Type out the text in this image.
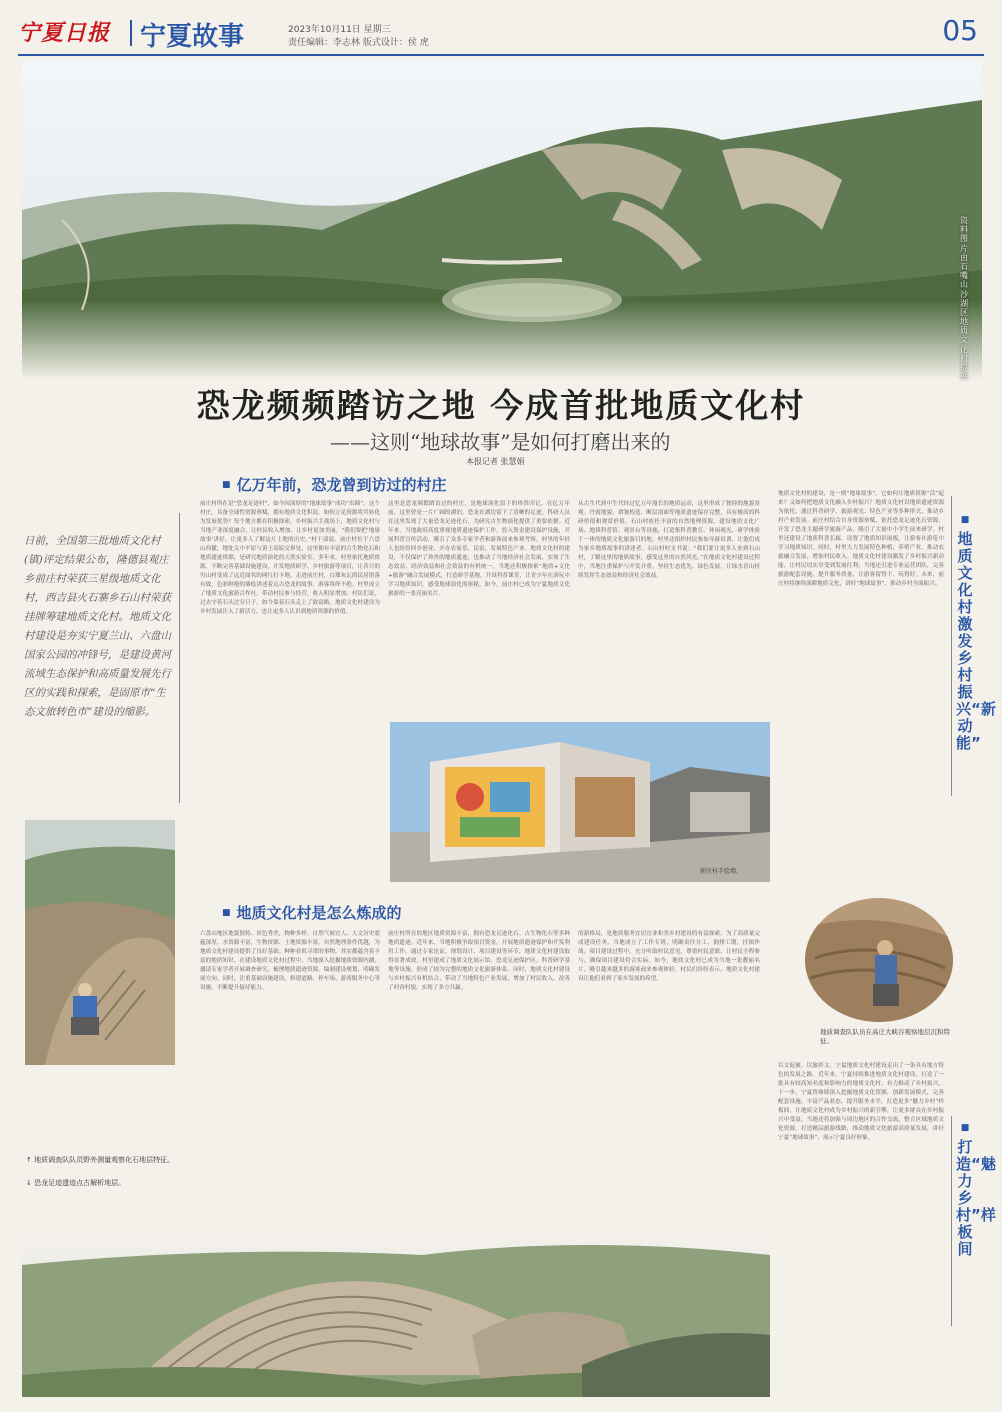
宁夏日报 宁夏故事	2023年10月11日 星期三
责任编辑：李志林 版式设计：侯 虎	05
资料图片由石嘴山沙湖区地质文化村提供
恐龙频频踏访之地 今成首批地质文化村
——这则“地球故事”是如何打磨出来的
本报记者 张慧娟
■ 亿万年前，恐龙曾到访过的村庄
日前，全国第三批地质文化村(镇)评定结果公布，隆德县观庄乡前庄村荣获三星级地质文化村，西吉县火石寨乡石山村荣获挂牌筹建地质文化村。地质文化村建设是夯实宁夏兰山、六盘山国家公园的冲锋号，是建设黄河流域生态保护和高质量发展先行区的实践和探索，是固原市“生态文旅转色市”建设的缩影。
↑ 地质调查队队员野外测量观察化石地层特征。
↓ 恐龙足迹遗迹点古解析地层。
前庄村所在是“恐龙足迹村”，如今因深厚的“地球故事”成功“出圈”。这个村庄，具备全球性资源禀赋，拥有地质文化积淀，如何立足资源将其转化为发展优势？每个地方都在积极探索。乡村振兴主战场上，地质文化村与当地产业深度融合，让村民收入增加，让乡村更加美丽。“我们要把‘地球故事’讲好，让更多人了解这片土地的历史。”村干部说。前庄村位于六盘山西麓，地处关中平原与黄土高原交界处，这里拥有丰富的古生物化石和地质遗迹资源，是研究地质演化的天然实验室。多年来，村里依托地质资源，不断完善基础设施建设，开发地质研学、乡村旅游等项目，让昔日的穷山村变成了远近闻名的网红打卡地。走进前庄村，白墙灰瓦的民居错落有致，色彩鲜艳的墙绘讲述着远古恐龙的故事，游客络绎不绝。村里成立了地质文化旅游合作社，带动村民参与经营，收入明显增加。村民们说，过去守着石头过穷日子，如今靠着石头走上了致富路。地质文化村建设为乡村发展注入了新活力，也让更多人认识到地质资源的价值。
这里是恐龙频繁踏访过的村庄，是地球演化留下的珍贵印记。在亿万年前，这里曾是一片广阔的湖泊，恐龙在湖边留下了清晰的足迹。科研人员在这里发现了大量恐龙足迹化石，为研究古生物演化提供了重要依据。近年来，当地政府高度重视地质遗迹保护工作，投入资金建设保护设施，开展科普宣传活动，吸引了众多专家学者和游客前来参观考察。村里的年轻人也纷纷回乡创业，开办农家乐、民宿，发展特色产业。地质文化村的建设，不仅保护了珍贵的地质遗迹，也推动了当地经济社会发展，实现了生态效益、经济效益和社会效益的有机统一。当地还积极探索“地质+文化+旅游”融合发展模式，打造研学基地，开设科普课堂，让青少年在游玩中学习地质知识，感受地球演化的奥秘。如今，前庄村已成为宁夏地质文化旅游的一张亮丽名片。
从古生代到中生代经过亿万年漫长的地质运动，这里形成了独特的地貌景观。丹霞地貌、褶皱构造、断层剖面等地质遗迹保存完整，具有极高的科研价值和观赏价值。石山村依托丰富的自然地理资源，建设地质文化广场、地质科普馆、观景台等设施，打造集科普教育、休闲观光、研学体验于一体的地质文化旅游目的地。村里还组织村民参加导游培训，让他们成为家乡地质故事的讲述者。石山村村支书说：“我们要让更多人来到石山村，了解这里的地质故事，感受这里的自然风光。”在地质文化村建设过程中，当地注重保护与开发并重，坚持生态优先、绿色发展，让绿水青山持续发挥生态效益和经济社会效益。
前庄村手绘墙。
地质文化村的建设，是一则“地球故事”。它如何让地质资源“活”起来？又如何把地质文化融入乡村振兴？地质文化村以地质遗迹资源为依托，通过科普研学、旅游观光、特色产业等多种形式，推动乡村产业发展。前庄村结合自身资源禀赋，依托恐龙足迹化石资源，开发了恐龙主题研学旅游产品，吸引了大量中小学生前来研学。村里还建设了地质科普长廊，设置了地质知识展板，让游客在游览中学习地质知识。同时，村里大力发展特色种植、养殖产业，推动农旅融合发展，增加村民收入。地质文化村建设激发了乡村振兴新动能，让村民切实享受到发展红利。当地还引进专业运营团队，完善旅游配套设施，提升服务质量，让游客留得下、玩得好。未来，前庄村将继续深耕地质文化，讲好“地球故事”，推动乡村全面振兴。
■
地质文化村激发乡村振兴“新动能”
■ 地质文化村是怎么炼成的
六盘山地区地貌独特、景色秀美，物种多样，自然气候宜人，人文历史底蕴深厚，水资源丰富，生物资源、土地资源丰富。自然地理条件优越，为地质文化村建设提供了良好基础。种种看似寻常的事物，其实都蕴含着丰富的地质知识。在建设地质文化村过程中，当地深入挖掘地质资源内涵，邀请专家学者开展调查研究，梳理地质遗迹资源，编制建设规划，明确发展方向。同时，注重基础设施建设，修建道路、停车场、游客服务中心等设施，不断提升接待能力。
前庄村所在的地区地质资源丰富，拥有恐龙足迹化石、古生物化石等多种地质遗迹。近年来，当地积极争取项目资金，开展地质遗迹保护和开发利用工作。通过专家论证、规划设计、项目建设等环节，地质文化村建设取得显著成效。村里建成了地质文化展示馆、恐龙足迹保护区、科普研学基地等设施，形成了较为完整的地质文化旅游体系。同时，地质文化村建设与乡村振兴有机结合，带动了当地特色产业发展，增加了村民收入，改善了村容村貌，实现了多方共赢。
的新格局，是地质服务宜居宜业和美乡村建设的有益探索。为了高质量完成建设任务，当地成立了工作专班，明确责任分工，倒排工期，挂图作战。项目建设过程中，充分听取村民意见，尊重村民意愿，让村民全程参与，确保项目建设符合实际。如今，地质文化村已成为当地一张靓丽名片，吸引越来越多的游客前来参观体验。村民们纷纷表示，地质文化村建设让他们看到了家乡发展的希望。
地质调查队队员在高庄大峡谷观察地层沉积特征。
以文促旅、以旅彰文。宁夏地质文化村建设走出了一条具有地方特色的发展之路。近年来，宁夏持续推进地质文化村建设，打造了一批具有较高知名度和影响力的地质文化村，有力推动了乡村振兴。下一步，宁夏将继续深入挖掘地质文化资源，创新发展模式，完善配套设施，丰富产品业态，提升服务水平，打造更多“魅力乡村”样板间，让地质文化村成为乡村振兴的新引擎，让更多群众在乡村振兴中受益。当地还将加强与周边地区的合作交流，整合区域地质文化资源，打造精品旅游线路，推动地质文化旅游高质量发展，讲好宁夏“地球故事”，展示宁夏良好形象。
■
打造“魅力乡村”样板间
